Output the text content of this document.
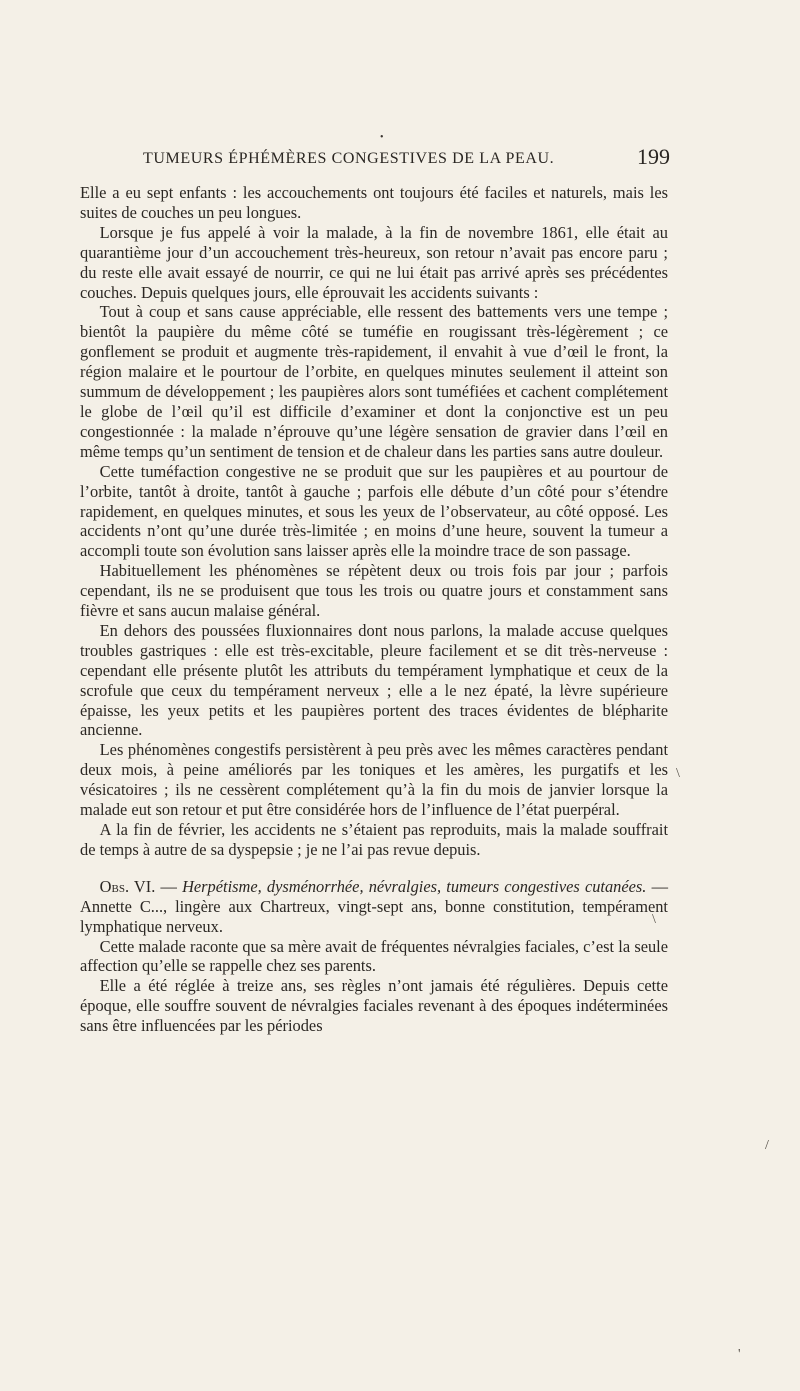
•
TUMEURS ÉPHÉMÈRES CONGESTIVES DE LA PEAU.	199

Elle a eu sept enfants : les accouchements ont toujours été faciles et naturels, mais les suites de couches un peu longues.

Lorsque je fus appelé à voir la malade, à la fin de novembre 1861, elle était au quarantième jour d’un accouchement très-heureux, son retour n’avait pas encore paru ; du reste elle avait essayé de nourrir, ce qui ne lui était pas arrivé après ses précédentes couches. Depuis quelques jours, elle éprouvait les accidents suivants :

Tout à coup et sans cause appréciable, elle ressent des battements vers une tempe ; bientôt la paupière du même côté se tuméfie en rougissant très-légèrement ; ce gonflement se produit et augmente très-rapidement, il envahit à vue d’œil le front, la région malaire et le pourtour de l’orbite, en quelques minutes seulement il atteint son summum de développement ; les paupières alors sont tuméfiées et cachent complétement le globe de l’œil qu’il est difficile d’examiner et dont la conjonctive est un peu congestionnée : la malade n’éprouve qu’une légère sensation de gravier dans l’œil en même temps qu’un sentiment de tension et de chaleur dans les parties sans autre douleur.

Cette tuméfaction congestive ne se produit que sur les paupières et au pourtour de l’orbite, tantôt à droite, tantôt à gauche ; parfois elle débute d’un côté pour s’étendre rapidement, en quelques minutes, et sous les yeux de l’observateur, au côté opposé. Les accidents n’ont qu’une durée très-limitée ; en moins d’une heure, souvent la tumeur a accompli toute son évolution sans laisser après elle la moindre trace de son passage.

Habituellement les phénomènes se répètent deux ou trois fois par jour ; parfois cependant, ils ne se produisent que tous les trois ou quatre jours et constamment sans fièvre et sans aucun malaise général.

En dehors des poussées fluxionnaires dont nous parlons, la malade accuse quelques troubles gastriques : elle est très-excitable, pleure facilement et se dit très-nerveuse : cependant elle présente plutôt les attributs du tempérament lymphatique et ceux de la scrofule que ceux du tempérament nerveux ; elle a le nez épaté, la lèvre supérieure épaisse, les yeux petits et les paupières portent des traces évidentes de blépharite ancienne.

Les phénomènes congestifs persistèrent à peu près avec les mêmes caractères pendant deux mois, à peine améliorés par les toniques et les amères, les purgatifs et les vésicatoires ; ils ne cessèrent complétement qu’à la fin du mois de janvier lorsque la malade eut son retour et put être considérée hors de l’influence de l’état puerpéral.

A la fin de février, les accidents ne s’étaient pas reproduits, mais la malade souffrait de temps à autre de sa dyspepsie ; je ne l’ai pas revue depuis.

Obs. VI. — Herpétisme, dysménorrhée, névralgies, tumeurs congestives cutanées. — Annette C..., lingère aux Chartreux, vingt-sept ans, bonne constitution, tempérament lymphatique nerveux.

Cette malade raconte que sa mère avait de fréquentes névralgies faciales, c’est la seule affection qu’elle se rappelle chez ses parents.

Elle a été réglée à treize ans, ses règles n’ont jamais été régulières. Depuis cette époque, elle souffre souvent de névralgies faciales revenant à des époques indéterminées sans être influencées par les périodes

\
\
/
'
